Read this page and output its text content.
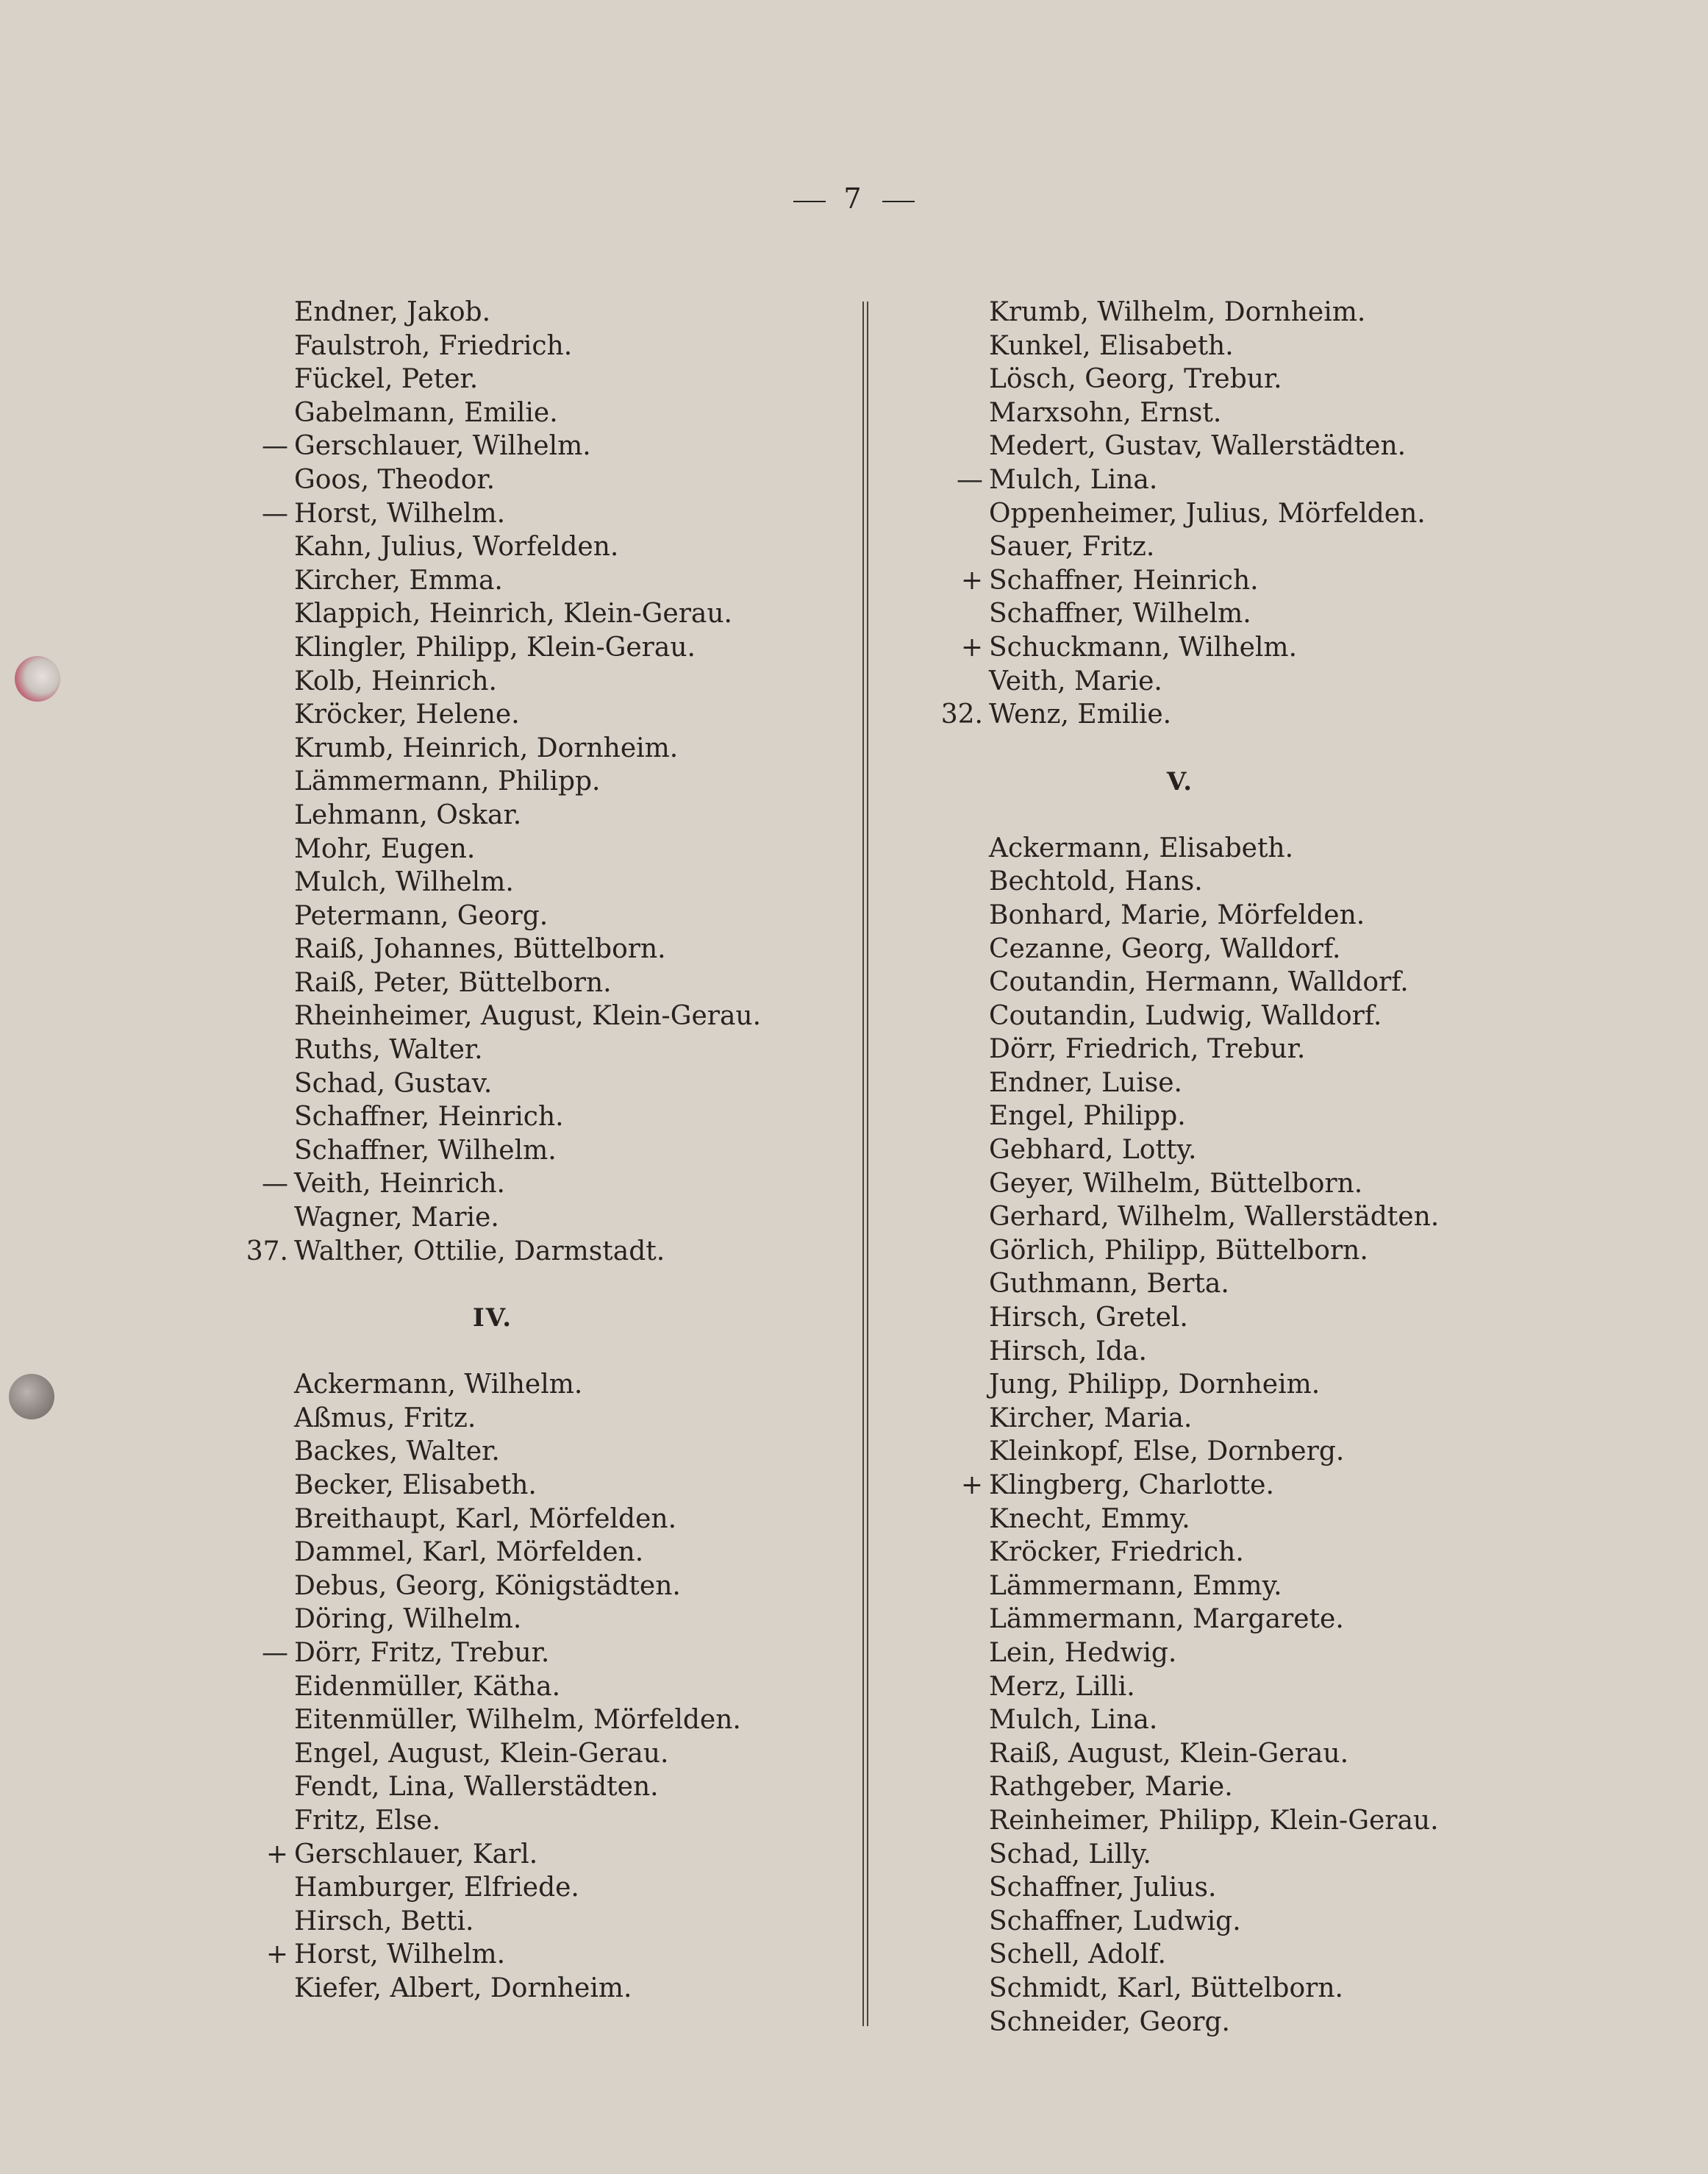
7
Endner, Jakob.
Faulstroh, Friedrich.
Fückel, Peter.
Gabelmann, Emilie.
— Gerschlauer, Wilhelm.
Goos, Theodor.
— Horst, Wilhelm.
Kahn, Julius, Worfelden.
Kircher, Emma.
Klappich, Heinrich, Klein-Gerau.
Klingler, Philipp, Klein-Gerau.
Kolb, Heinrich.
Kröcker, Helene.
Krumb, Heinrich, Dornheim.
Lämmermann, Philipp.
Lehmann, Oskar.
Mohr, Eugen.
Mulch, Wilhelm.
Petermann, Georg.
Raiß, Johannes, Büttelborn.
Raiß, Peter, Büttelborn.
Rheinheimer, August, Klein-Gerau.
Ruths, Walter.
Schad, Gustav.
Schaffner, Heinrich.
Schaffner, Wilhelm.
— Veith, Heinrich.
Wagner, Marie.
37. Walther, Ottilie, Darmstadt.
IV.
Ackermann, Wilhelm.
Aßmus, Fritz.
Backes, Walter.
Becker, Elisabeth.
Breithaupt, Karl, Mörfelden.
Dammel, Karl, Mörfelden.
Debus, Georg, Königstädten.
Döring, Wilhelm.
— Dörr, Fritz, Trebur.
Eidenmüller, Kätha.
Eitenmüller, Wilhelm, Mörfelden.
Engel, August, Klein-Gerau.
Fendt, Lina, Wallerstädten.
Fritz, Else.
+ Gerschlauer, Karl.
Hamburger, Elfriede.
Hirsch, Betti.
+ Horst, Wilhelm.
Kiefer, Albert, Dornheim.
Krumb, Wilhelm, Dornheim.
Kunkel, Elisabeth.
Lösch, Georg, Trebur.
Marxsohn, Ernst.
Medert, Gustav, Wallerstädten.
— Mulch, Lina.
Oppenheimer, Julius, Mörfelden.
Sauer, Fritz.
+ Schaffner, Heinrich.
Schaffner, Wilhelm.
+ Schuckmann, Wilhelm.
Veith, Marie.
32. Wenz, Emilie.
V.
Ackermann, Elisabeth.
Bechtold, Hans.
Bonhard, Marie, Mörfelden.
Cezanne, Georg, Walldorf.
Coutandin, Hermann, Walldorf.
Coutandin, Ludwig, Walldorf.
Dörr, Friedrich, Trebur.
Endner, Luise.
Engel, Philipp.
Gebhard, Lotty.
Geyer, Wilhelm, Büttelborn.
Gerhard, Wilhelm, Wallerstädten.
Görlich, Philipp, Büttelborn.
Guthmann, Berta.
Hirsch, Gretel.
Hirsch, Ida.
Jung, Philipp, Dornheim.
Kircher, Maria.
Kleinkopf, Else, Dornberg.
+ Klingberg, Charlotte.
Knecht, Emmy.
Kröcker, Friedrich.
Lämmermann, Emmy.
Lämmermann, Margarete.
Lein, Hedwig.
Merz, Lilli.
Mulch, Lina.
Raiß, August, Klein-Gerau.
Rathgeber, Marie.
Reinheimer, Philipp, Klein-Gerau.
Schad, Lilly.
Schaffner, Julius.
Schaffner, Ludwig.
Schell, Adolf.
Schmidt, Karl, Büttelborn.
Schneider, Georg.
